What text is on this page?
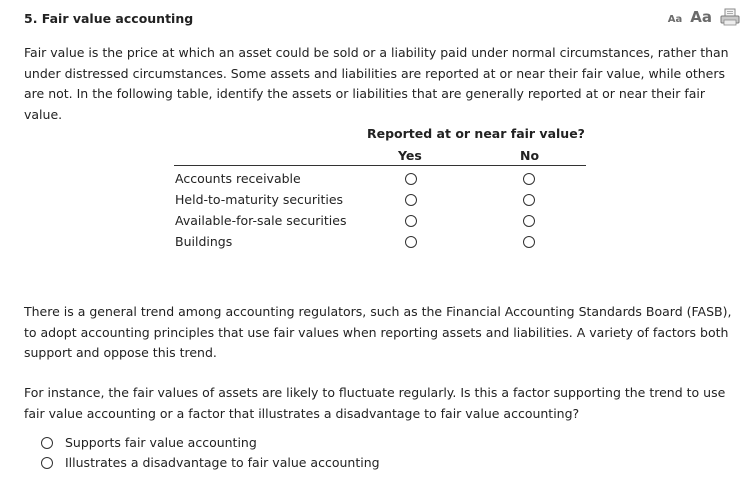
5. Fair value accounting	Aa Aa

Fair value is the price at which an asset could be sold or a liability paid under normal circumstances, rather than under distressed circumstances. Some assets and liabilities are reported at or near their fair value, while others are not. In the following table, identify the assets or liabilities that are generally reported at or near their fair value.

Reported at or near fair value?
Yes	No
Accounts receivable
Held-to-maturity securities
Available-for-sale securities
Buildings

There is a general trend among accounting regulators, such as the Financial Accounting Standards Board (FASB), to adopt accounting principles that use fair values when reporting assets and liabilities. A variety of factors both support and oppose this trend.

For instance, the fair values of assets are likely to fluctuate regularly. Is this a factor supporting the trend to use fair value accounting or a factor that illustrates a disadvantage to fair value accounting?

Supports fair value accounting
Illustrates a disadvantage to fair value accounting
